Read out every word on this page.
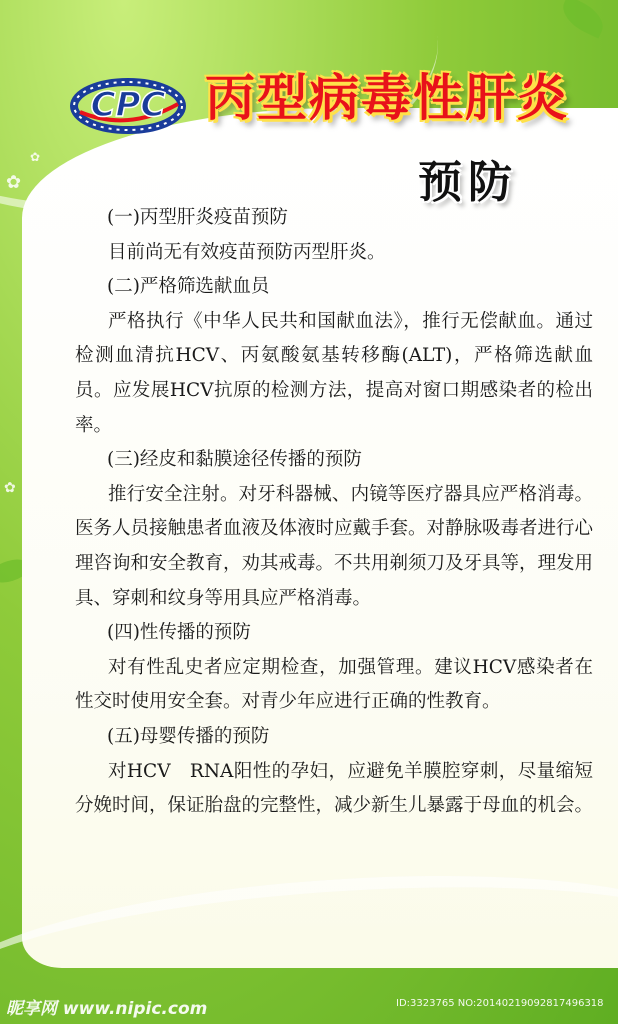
✿
✿
✿
CPC 丙型病毒性肝炎
预防

(一)丙型肝炎疫苗预防

目前尚无有效疫苗预防丙型肝炎。

(二)严格筛选献血员

严格执行《中华人民共和国献血法》，推行无偿献血。通过检测血清抗HCV、丙氨酸氨基转移酶(ALT)，严格筛选献血员。应发展HCV抗原的检测方法，提高对窗口期感染者的检出率。

(三)经皮和黏膜途径传播的预防

推行安全注射。对牙科器械、内镜等医疗器具应严格消毒。医务人员接触患者血液及体液时应戴手套。对静脉吸毒者进行心理咨询和安全教育，劝其戒毒。不共用剃须刀及牙具等，理发用具、穿刺和纹身等用具应严格消毒。

(四)性传播的预防

对有性乱史者应定期检查，加强管理。建议HCV感染者在性交时使用安全套。对青少年应进行正确的性教育。

(五)母婴传播的预防

对HCV　RNA阳性的孕妇，应避免羊膜腔穿刺，尽量缩短分娩时间，保证胎盘的完整性，减少新生儿暴露于母血的机会。

昵享网 www.nipic.com	ID:3323765 NO:20140219092817496318
